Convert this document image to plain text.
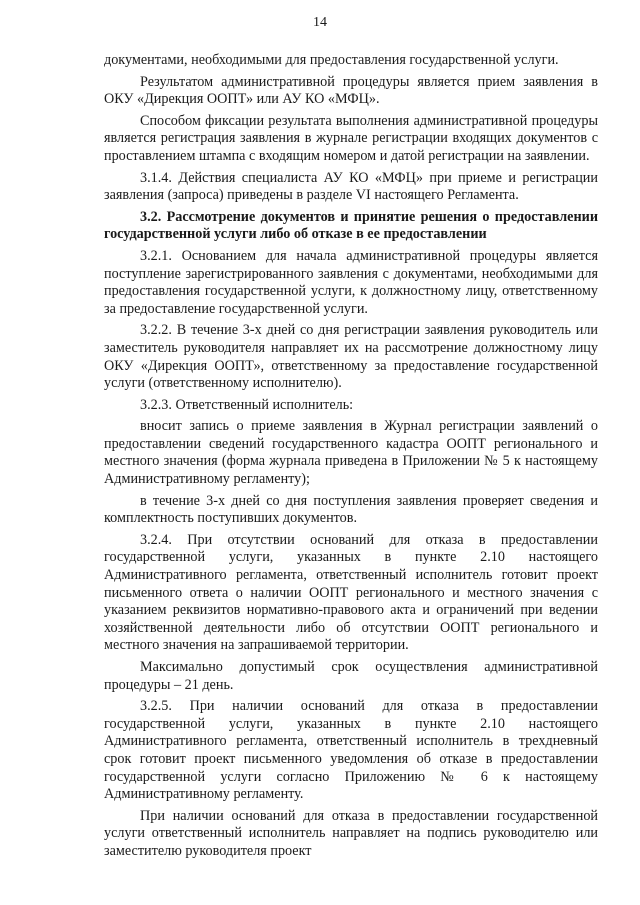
14

документами, необходимыми для предоставления государственной услуги.

Результатом административной процедуры является прием заявления в ОКУ «Дирекция ООПТ» или АУ КО «МФЦ».

Способом фиксации результата выполнения административной процедуры является регистрация заявления в журнале регистрации входящих документов с проставлением штампа с входящим номером и датой регистрации на заявлении.

3.1.4. Действия специалиста АУ КО «МФЦ» при приеме и регистрации заявления (запроса) приведены в разделе VI настоящего Регламента.

3.2. Рассмотрение документов и принятие решения о предоставлении государственной услуги либо об отказе в ее предоставлении

3.2.1. Основанием для начала административной процедуры является поступление зарегистрированного заявления с документами, необходимыми для предоставления государственной услуги, к должностному лицу, ответственному за предоставление государственной услуги.

3.2.2. В течение 3-х дней со дня регистрации заявления руководитель или заместитель руководителя направляет их на рассмотрение должностному лицу ОКУ «Дирекция ООПТ», ответственному за предоставление государственной услуги (ответственному исполнителю).

3.2.3. Ответственный исполнитель:

вносит запись о приеме заявления в Журнал регистрации заявлений о предоставлении сведений государственного кадастра ООПТ регионального и местного значения (форма журнала приведена в Приложении № 5 к настоящему Административному регламенту);

в течение 3-х дней со дня поступления заявления проверяет сведения и комплектность поступивших документов.

3.2.4. При отсутствии оснований для отказа в предоставлении государственной услуги, указанных в пункте 2.10 настоящего Административного регламента, ответственный исполнитель готовит проект письменного ответа о наличии ООПТ регионального и местного значения с указанием реквизитов нормативно-правового акта и ограничений при ведении хозяйственной деятельности либо об отсутствии ООПТ регионального и местного значения на запрашиваемой территории.

Максимально допустимый срок осуществления административной процедуры – 21 день.

3.2.5. При наличии оснований для отказа в предоставлении государственной услуги, указанных в пункте 2.10 настоящего Административного регламента, ответственный исполнитель в трехдневный срок готовит проект письменного уведомления об отказе в предоставлении государственной услуги согласно Приложению № 6 к настоящему Административному регламенту.

При наличии оснований для отказа в предоставлении государственной услуги ответственный исполнитель направляет на подпись руководителю или заместителю руководителя проект
